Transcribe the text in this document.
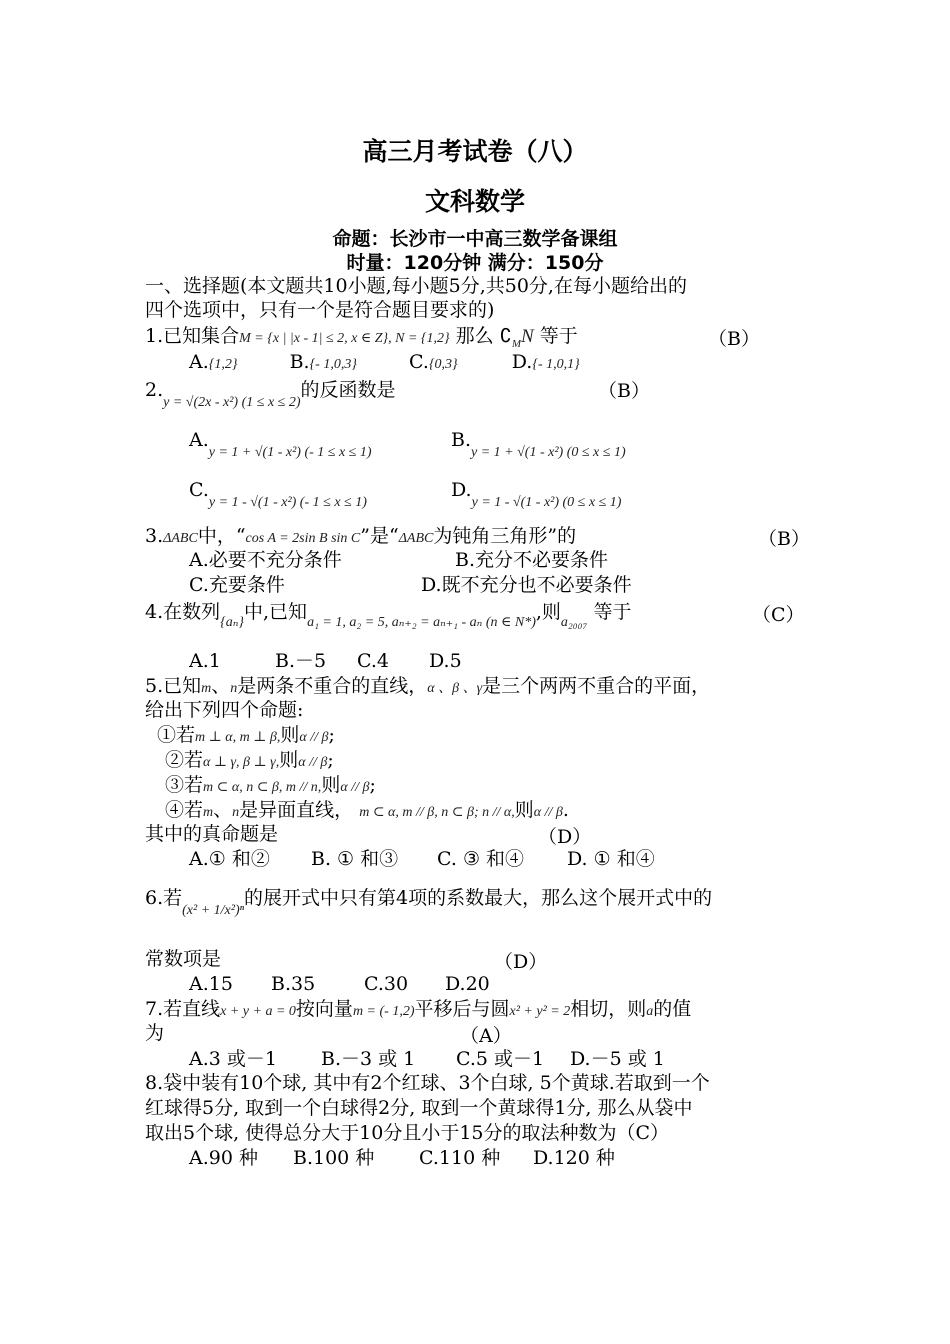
高三月考试卷（八）
文科数学
命题：长沙市一中高三数学备课组
时量：120分钟 满分：150分
一、选择题(本文题共10小题,每小题5分,共50分,在每小题给出的
四个选项中，只有一个是符合题目要求的)
1.已知集合M = {x | |x - 1| ≤ 2, x ∈ Z}, N = {1,2} 那么 $∁_MN$ 等于	（B）
A.{1,2}	B.{- 1,0,3}	C.{0,3}	D.{- 1,0,1}
$2._{y = √(2x - x^2) (1 \le x \le 2)}$的反函数是	（B）
$A._{y = 1 + √(1 - x^2) (- 1 \le x \le 1)}$
$B._{y = 1 + √(1 - x^2) (0 \le x \le 1)}$
$C._{y = 1 - √(1 - x^2) (- 1 \le x \le 1)}$
$D._{y = 1 - √(1 - x^2) (0 \le x \le 1)}$
3.ΔABC中，“cos A = 2sin B sin C”是“ΔABC为钝角三角形”的	（B）
A.必要不充分条件	B.充分不必要条件
C.充要条件	D.既不充分也不必要条件
4.在数列$_{\{a_n\}}$中,已知$_{a_1 = 1, a_2 = 5, a_{n+2} = a_{n+1} - a_n (n \in N*)}$,则$_{a_{2007}}$ 等于	（C）
A.1	B.－5 C.4 D.5
5.已知m、n是两条不重合的直线，α 、β 、γ是三个两两不重合的平面，
给出下列四个命题:
①若m ⊥ α, m ⊥ β,则α // β;
②若α ⊥ γ, β ⊥ γ,则α // β;
③若m ⊂ α, n ⊂ β, m // n,则α // β;
④若m、n是异面直线， m ⊂ α, m // β, n ⊂ β; n // α,则α // β.
其中的真命题是	（D）
A.① 和② B. ① 和③ C. ③ 和④ D. ① 和④
6.若$_{(x^2 + 1/x^2)^n}$的展开式中只有第4项的系数最大，那么这个展开式中的
常数项是	（D）
A.15 B.35	C.30 D.20
7.若直线x + y + a = 0按向量m = (- 1,2)平移后与圆x² + y² = 2相切，则a的值
为	（A）
A.3 或－1 B.－3 或 1 C.5 或－1 D.－5 或 1
8.袋中装有10个球, 其中有2个红球、3个白球, 5个黄球.若取到一个
红球得5分, 取到一个白球得2分, 取到一个黄球得1分, 那么从袋中
取出5个球, 使得总分大于10分且小于15分的取法种数为（C）
A.90 种 B.100 种 C.110 种 D.120 种
